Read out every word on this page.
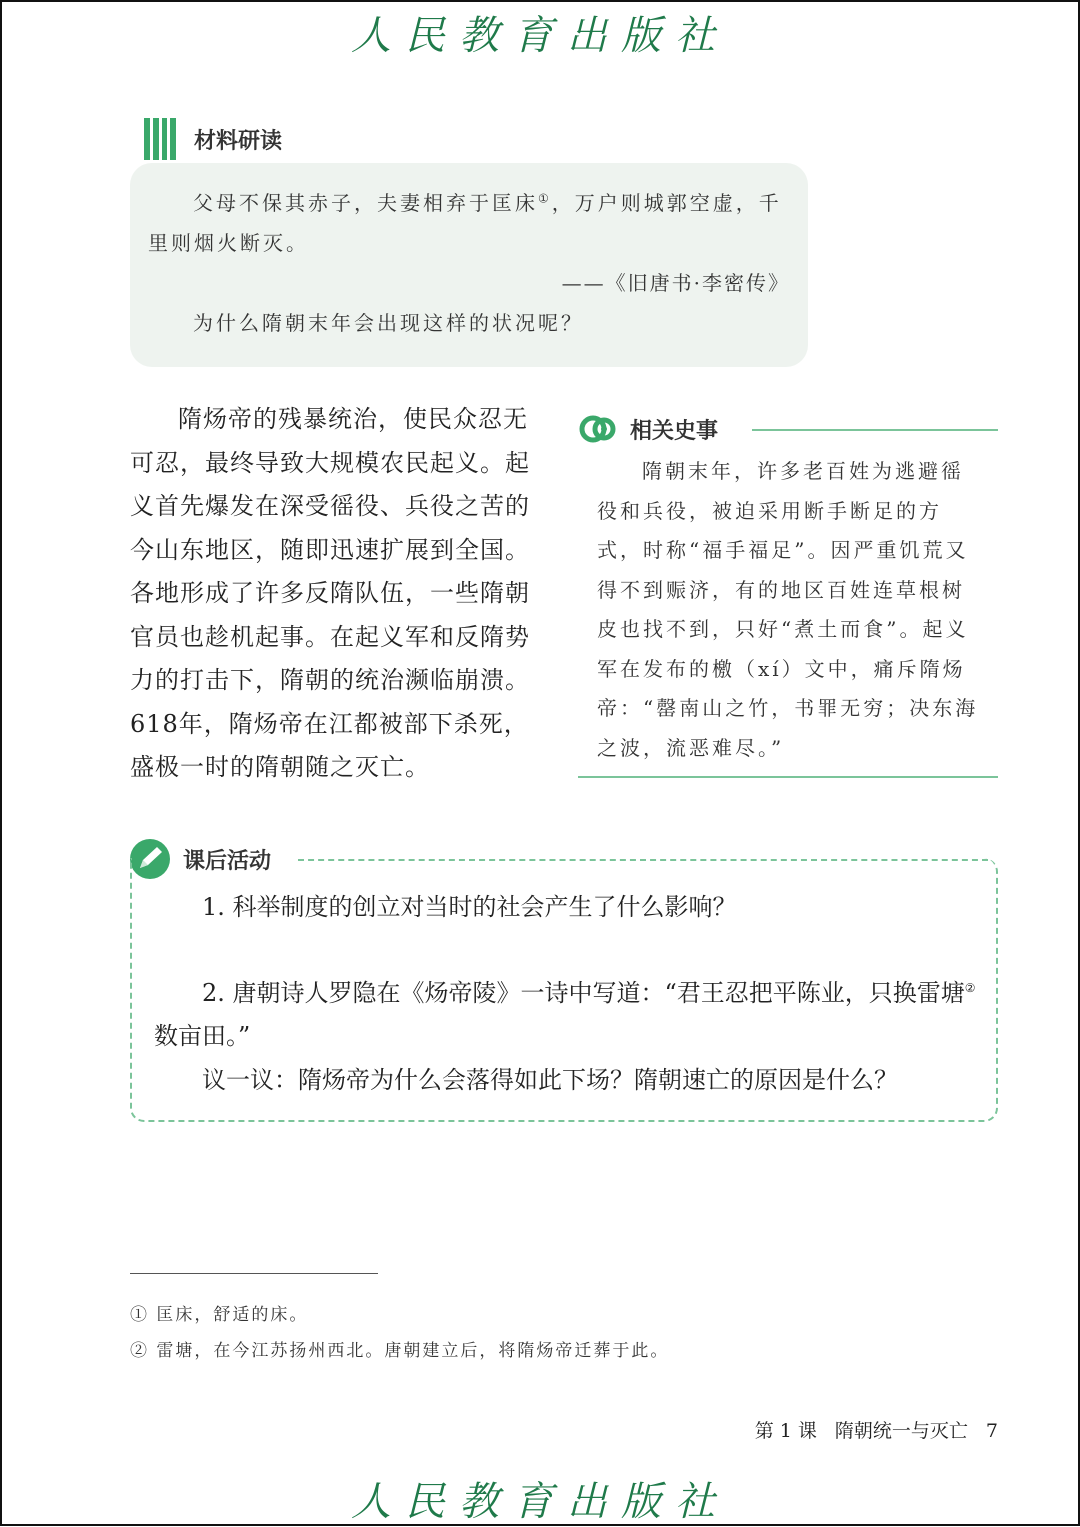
人民教育出版社
材料研读

父母不保其赤子，夫妻相弃于匡床①，万户则城郭空虚，千里则烟火断灭。

——《旧唐书·李密传》

为什么隋朝末年会出现这样的状况呢？

隋炀帝的残暴统治，使民众忍无可忍，最终导致大规模农民起义。起义首先爆发在深受徭役、兵役之苦的今山东地区，随即迅速扩展到全国。各地形成了许多反隋队伍，一些隋朝官员也趁机起事。在起义军和反隋势力的打击下，隋朝的统治濒临崩溃。618年，隋炀帝在江都被部下杀死，盛极一时的隋朝随之灭亡。

相关史事

隋朝末年，许多老百姓为逃避徭役和兵役，被迫采用断手断足的方式，时称“福手福足”。因严重饥荒又得不到赈济，有的地区百姓连草根树皮也找不到，只好“煮土而食”。起义军在发布的檄（xí）文中，痛斥隋炀帝：“罄南山之竹，书罪无穷；决东海之波，流恶难尽。”

课后活动

1. 科举制度的创立对当时的社会产生了什么影响？

2. 唐朝诗人罗隐在《炀帝陵》一诗中写道：“君王忍把平陈业，只换雷塘②数亩田。”

议一议：隋炀帝为什么会落得如此下场？隋朝速亡的原因是什么？

① 匡床，舒适的床。

② 雷塘，在今江苏扬州西北。唐朝建立后，将隋炀帝迁葬于此。

第 1 课 隋朝统一与灭亡 7
人民教育出版社
